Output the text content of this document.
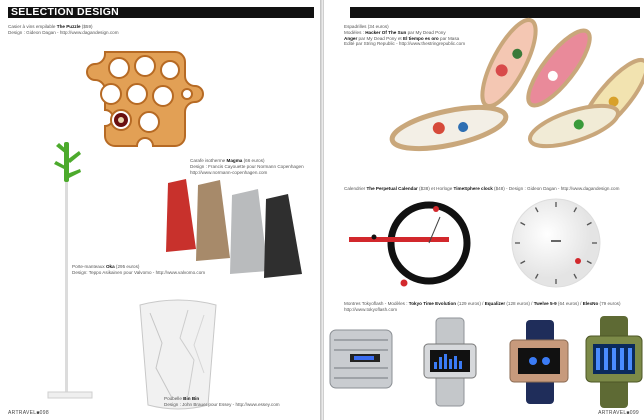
SELECTION DESIGN
Casier à vins empilable The Puzzle ($59)
Design : Gideon Dagan - http://www.dagandesign.com
Carafe isotherme Magma (66 euros)
Design : Francis Cayouette pour Normann Copenhagen
http://www.normann-copenhagen.com
Porte-manteaux Oka (295 euros)
Design: Teppo Asikainen pour Valvomo - http://www.valvomo.com
Poubelle Bin Bin
Design : John Brauer pour Essey - http://www.essey.com
ARTRAVEL■098
Espadrilles (34 euros)
Modèles : Hacker Of The Sun par My Dead Pony
Anger par My Dead Pony et El tiempo es oro par Masa
Edité par String Republic - http://www.thestringrepublic.com
Calendrier The Perpetual Calendar ($38) et Horloge TimeSphere clock ($48) - Design : Gideon Dagan - http://www.dagandesign.com
Montres Tokyoflash - Modèles : Tokyo Time Evolution (129 euros) / Equalizer (128 euros) / Twelve 5-9 (64 euros) / ElexNo (79 euros)
http://www.tokyoflash.com
ARTRAVEL■099
